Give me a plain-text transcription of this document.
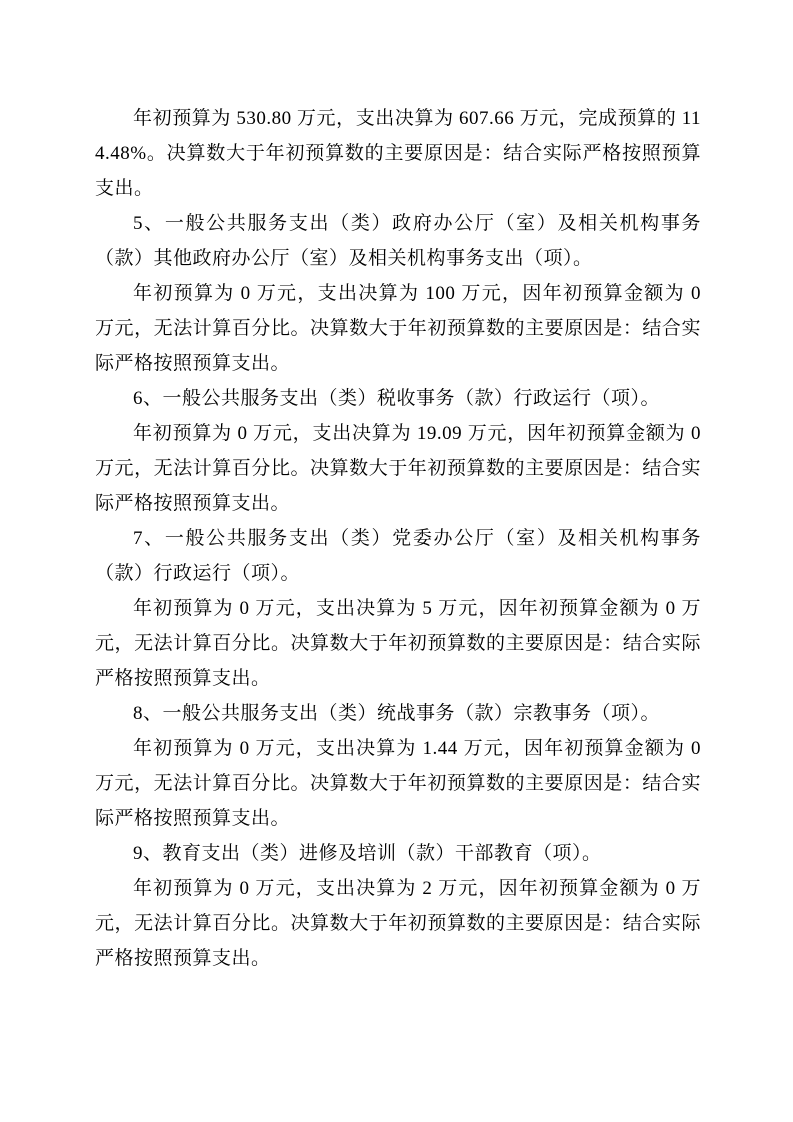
年初预算为 530.80 万元，支出决算为 607.66 万元，完成预算的 114.48%。决算数大于年初预算数的主要原因是：结合实际严格按照预算支出。

5、一般公共服务支出（类）政府办公厅（室）及相关机构事务（款）其他政府办公厅（室）及相关机构事务支出（项）。

年初预算为 0 万元，支出决算为 100 万元，因年初预算金额为 0 万元，无法计算百分比。决算数大于年初预算数的主要原因是：结合实际严格按照预算支出。

6、一般公共服务支出（类）税收事务（款）行政运行（项）。

年初预算为 0 万元，支出决算为 19.09 万元，因年初预算金额为 0 万元，无法计算百分比。决算数大于年初预算数的主要原因是：结合实际严格按照预算支出。

7、一般公共服务支出（类）党委办公厅（室）及相关机构事务（款）行政运行（项）。

年初预算为 0 万元，支出决算为 5 万元，因年初预算金额为 0 万元，无法计算百分比。决算数大于年初预算数的主要原因是：结合实际严格按照预算支出。

8、一般公共服务支出（类）统战事务（款）宗教事务（项）。

年初预算为 0 万元，支出决算为 1.44 万元，因年初预算金额为 0 万元，无法计算百分比。决算数大于年初预算数的主要原因是：结合实际严格按照预算支出。

9、教育支出（类）进修及培训（款）干部教育（项）。

年初预算为 0 万元，支出决算为 2 万元，因年初预算金额为 0 万元，无法计算百分比。决算数大于年初预算数的主要原因是：结合实际严格按照预算支出。
